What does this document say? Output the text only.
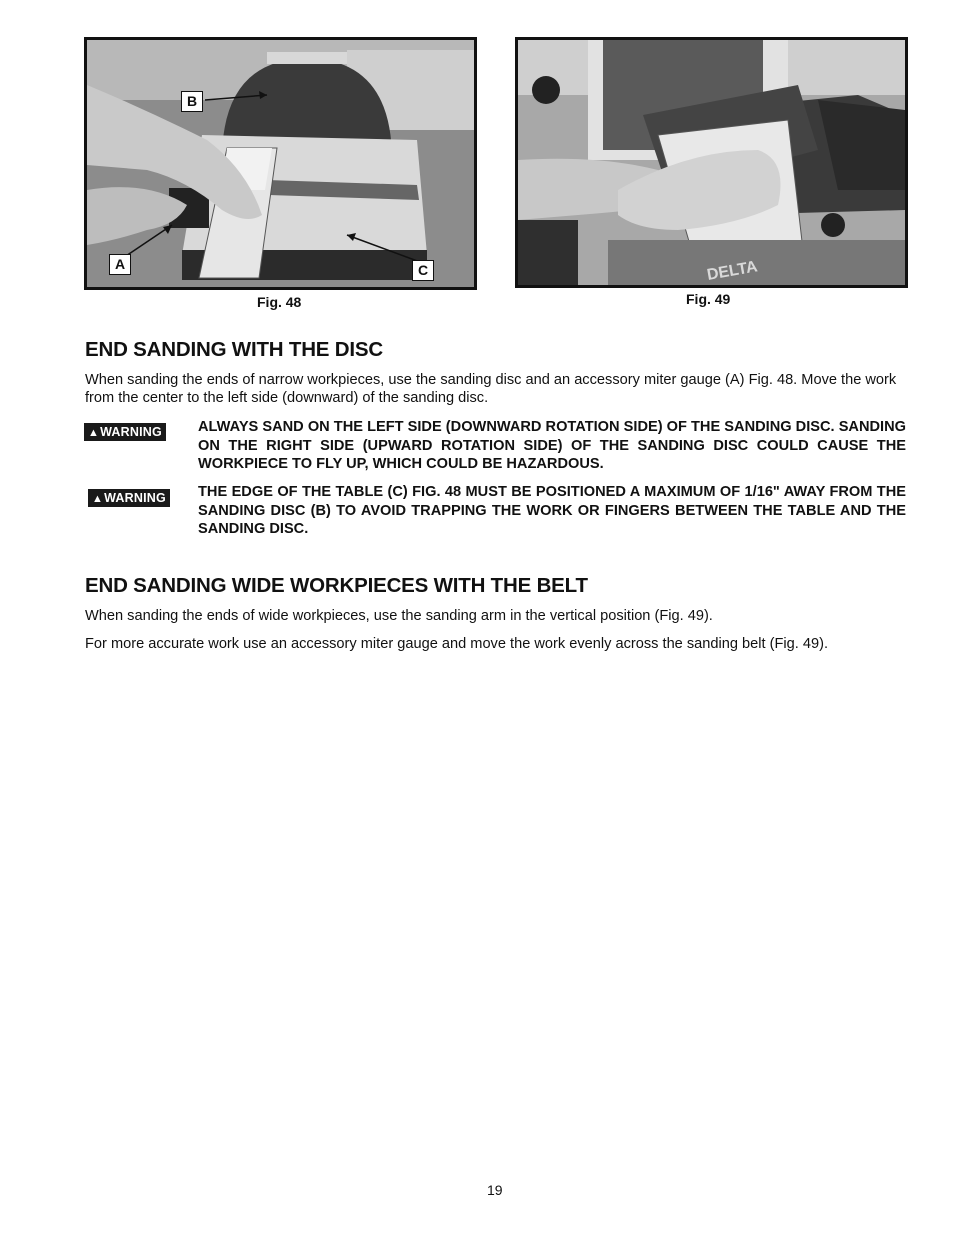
B
A	C
Fig. 48
DELTA
Fig. 49
END SANDING WITH THE DISC

When sanding the ends of narrow workpieces, use the sanding disc and an accessory miter gauge (A) Fig. 48. Move the work from the center to the left side (downward) of the sanding disc.

▲WARNING ALWAYS SAND ON THE LEFT SIDE (DOWNWARD ROTATION SIDE) OF THE SANDING DISC. SANDING ON THE RIGHT SIDE (UPWARD ROTATION SIDE) OF THE SANDING DISC COULD CAUSE THE WORKPIECE TO FLY UP, WHICH COULD BE HAZARDOUS.

▲WARNING THE EDGE OF THE TABLE (C) FIG. 48 MUST BE POSITIONED A MAXIMUM OF 1/16" AWAY FROM THE SANDING DISC (B) TO AVOID TRAPPING THE WORK OR FINGERS BETWEEN THE TABLE AND THE SANDING DISC.

END SANDING WIDE WORKPIECES WITH THE BELT

When sanding the ends of wide workpieces, use the sanding arm in the vertical position (Fig. 49).

For more accurate work use an accessory miter gauge and move the work evenly across the sanding belt (Fig. 49).

19
